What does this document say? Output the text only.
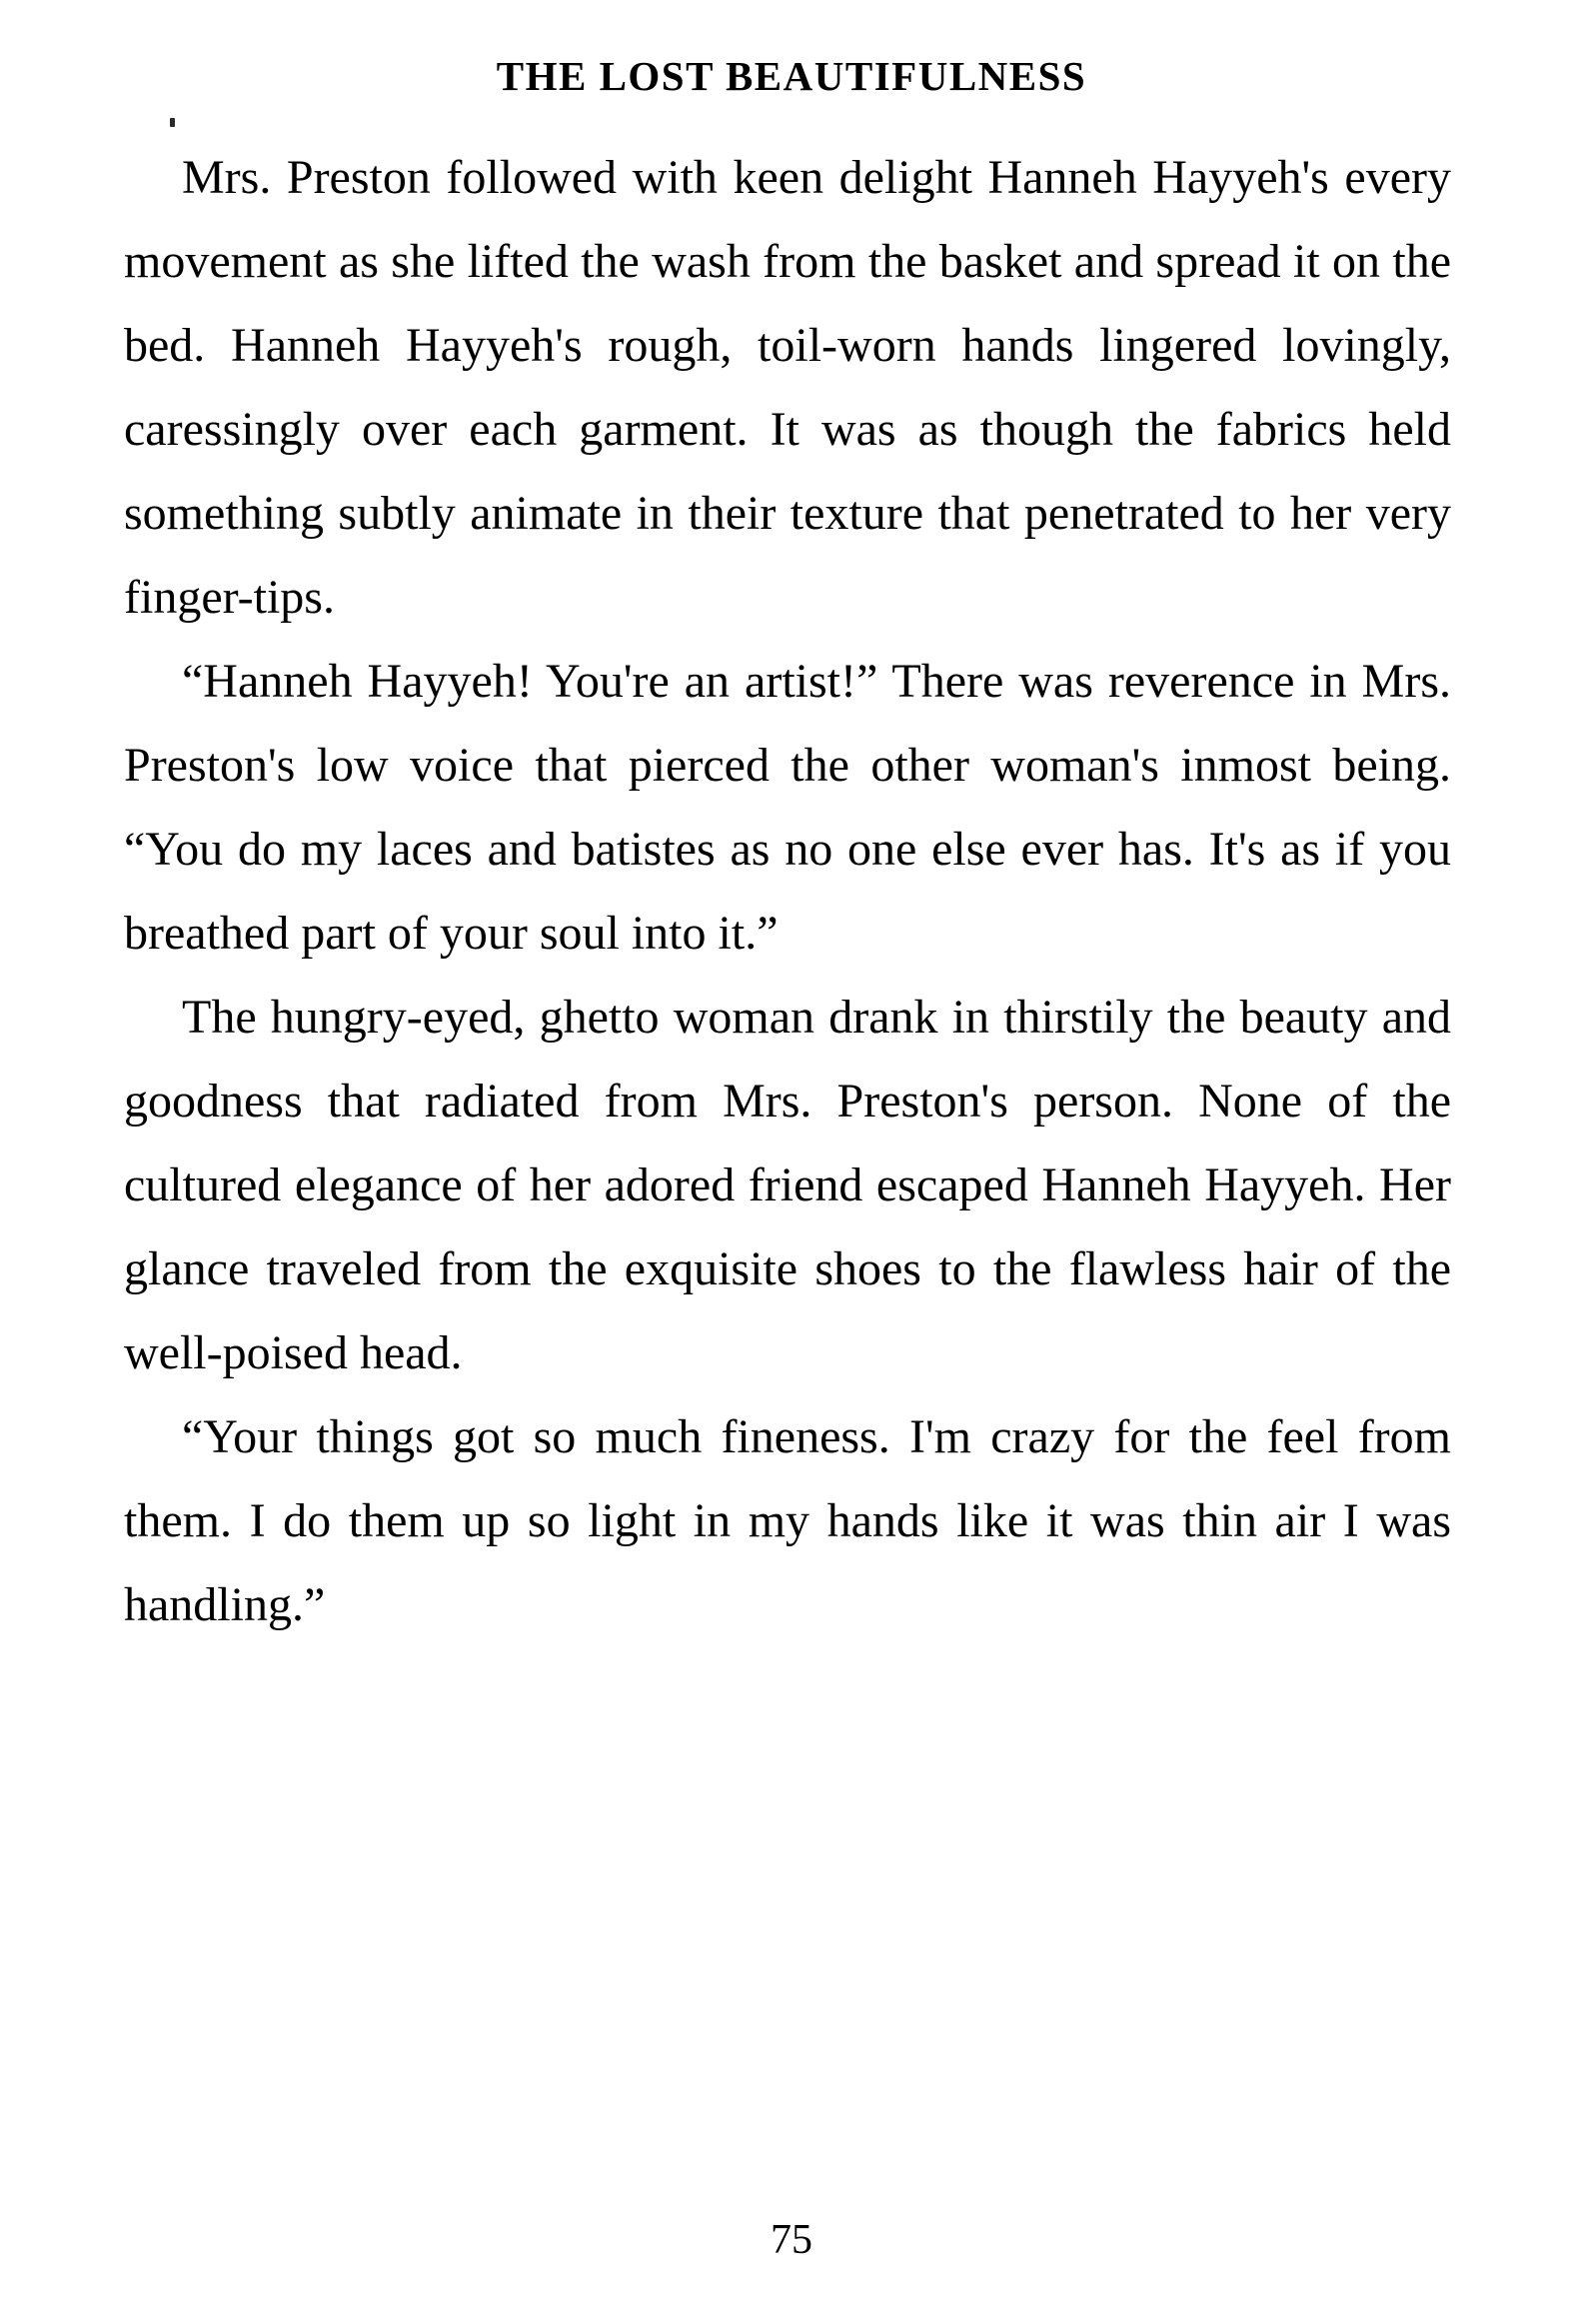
THE LOST BEAUTIFULNESS

Mrs. Preston followed with keen delight Hanneh Hayyeh's every movement as she lifted the wash from the basket and spread it on the bed. Hanneh Hayyeh's rough, toil-worn hands lingered lovingly, caressingly over each garment. It was as though the fabrics held something subtly animate in their texture that penetrated to her very finger-tips.

“Hanneh Hayyeh! You're an artist!” There was reverence in Mrs. Preston's low voice that pierced the other woman's inmost being. “You do my laces and batistes as no one else ever has. It's as if you breathed part of your soul into it.”

The hungry-eyed, ghetto woman drank in thirstily the beauty and goodness that radiated from Mrs. Preston's person. None of the cultured elegance of her adored friend escaped Hanneh Hayyeh. Her glance traveled from the exquisite shoes to the flawless hair of the well-poised head.

“Your things got so much fineness. I'm crazy for the feel from them. I do them up so light in my hands like it was thin air I was handling.”

75
